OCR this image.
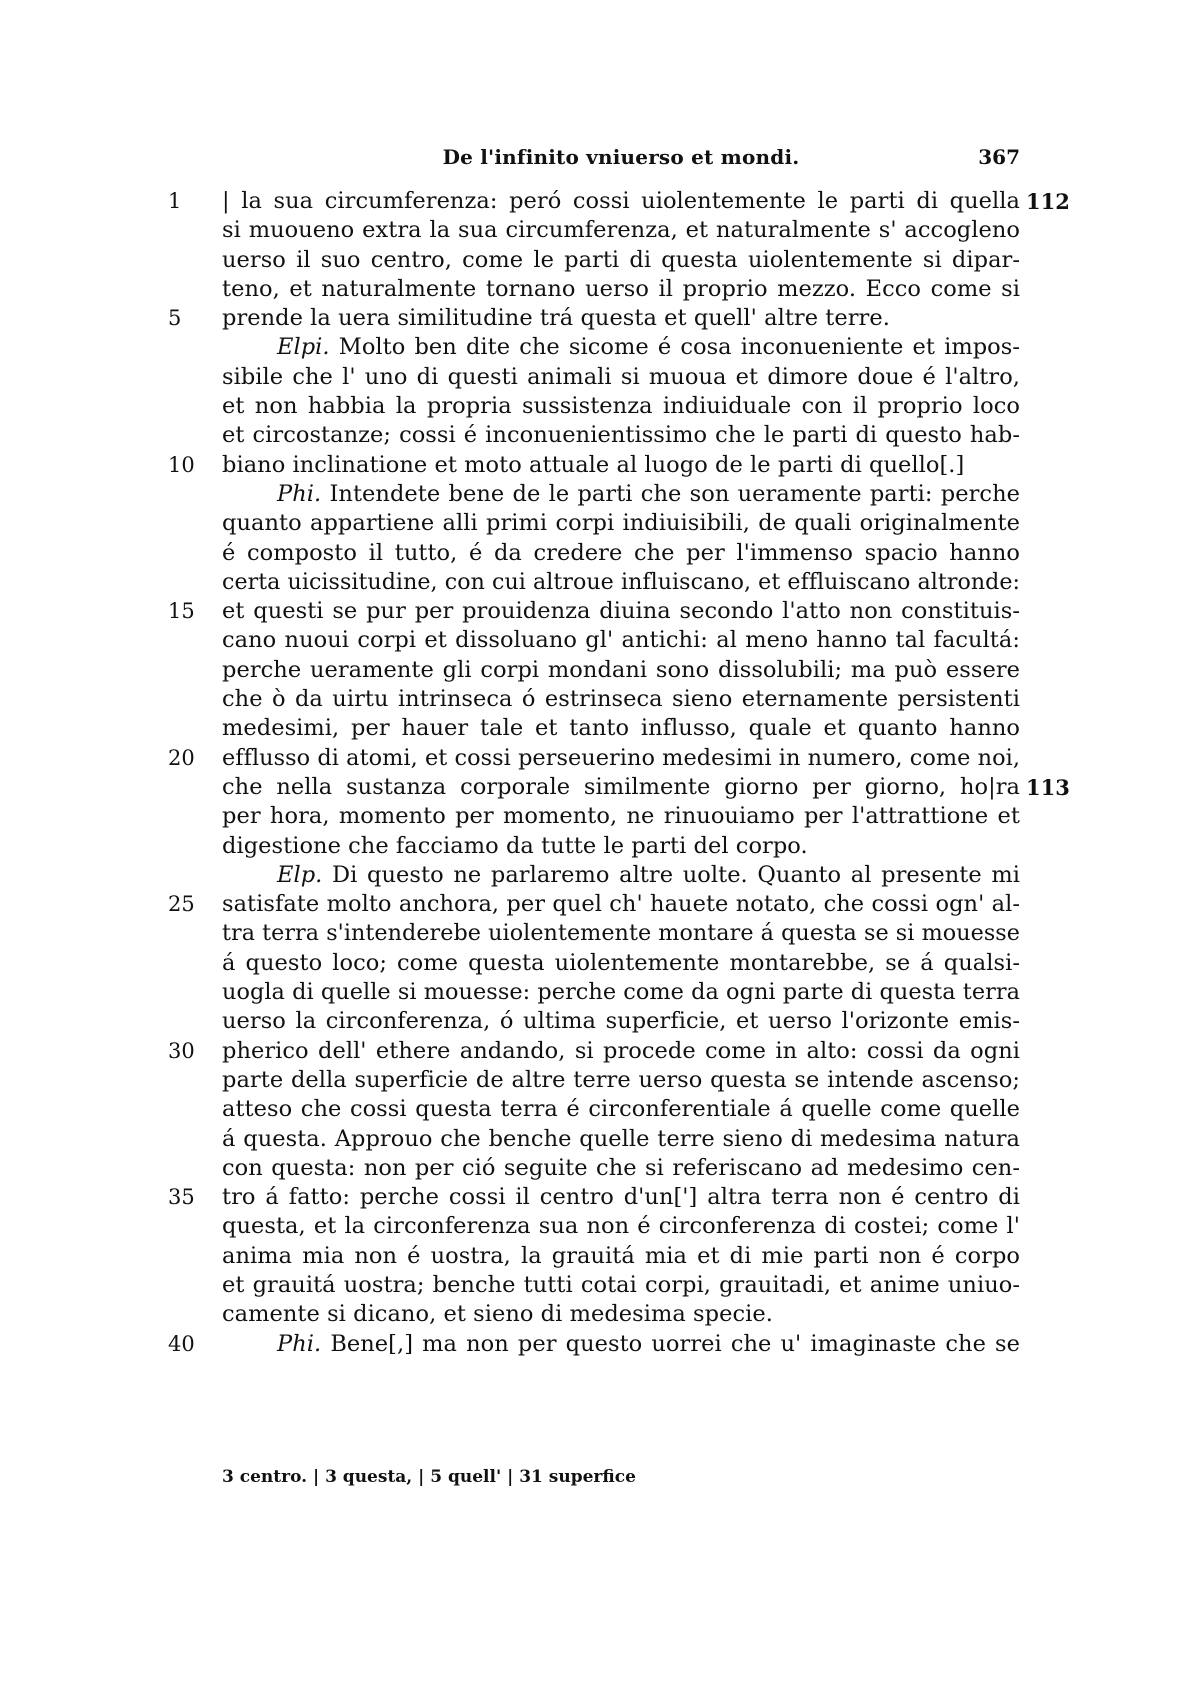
De l'infinito vniuerso et mondi.	367
1	| la sua circumferenza: peró cossi uiolentemente le parti di quella 112
si muoueno extra la sua circumferenza, et naturalmente s' accogleno
uerso il suo centro, come le parti di questa uiolentemente si dipar-
tenо, et naturalmente tornano uerso il proprio mezzo. Ecco come si
5	prende la uera similitudine trá questa et quell' altre terre.
Elpi. Molto ben dite che sicome é cosa inconueniente et impos-
sibile che l' uno di questi animali si muoua et dimore doue é l'altro,
et non habbia la propria sussistenza indiuiduale con il proprio loco
et circostanze; cossi é inconuenientissimo che le parti di questo hab-
10	biano inclinatione et moto attuale al luogo de le parti di quello[.]
Phi. Intendete bene de le parti che son ueramente parti: perche
quanto appartiene alli primi corpi indiuisibili, de quali originalmente
é composto il tutto, é da credere che per l'immenso spacio hanno
certa uicissitudine, con cui altroue influiscano, et effluiscano altronde:
15	et questi se pur per prouidenza diuina secondo l'atto non constituis-
cano nuoui corpi et dissoluano gl' antichi: al meno hanno tal facultá:
perche ueramente gli corpi mondani sono dissolubili; ma può essere
che ò da uirtu intrinseca ó estrinseca sieno eternamente persistenti
medesimi, per hauer tale et tanto influsso, quale et quanto hanno
20	efflusso di atomi, et cossi perseuerino medesimi in numero, come noi,
che nella sustanza corporale similmente giorno per giorno, ho|ra 113
per hora, momento per momento, ne rinuouiamo per l'attrattione et
digestione che facciamo da tutte le parti del corpo.
Elp. Di questo ne parlaremo altre uolte. Quanto al presente mi
25	satisfate molto anchora, per quel ch' hauete notato, che cossi ogn' al-
tra terra s'intenderebe uiolentemente montare á questa se si mouesse
á questo loco; come questa uiolentemente montarebbe, se á qualsi-
uogla di quelle si mouesse: perche come da ogni parte di questa terra
uerso la circonferenza, ó ultima superficie, et uerso l'orizonte emis-
30	pherico dell' ethere andando, si procede come in alto: cossi da ogni
parte della superficie de altre terre uerso questa se intende ascenso;
atteso che cossi questa terra é circonferentiale á quelle come quelle
á questa. Approuo che benche quelle terre sieno di medesima natura
con questa: non per ció seguite che si referiscano ad medesimo cen-
35	tro á fatto: perche cossi il centro d'un['] altra terra non é centro di
questa, et la circonferenza sua non é circonferenza di costei; come l'
anima mia non é uostra, la grauitá mia et di mie parti non é corpo
et grauitá uostra; benche tutti cotai corpi, grauitadi, et anime uniuo-
camente si dicano, et sieno di medesima specie.
40	Phi. Bene[,] ma non per questo uorrei che u' imaginaste che se
3 centro. | 3 questa, | 5 quell' | 31 superfice
